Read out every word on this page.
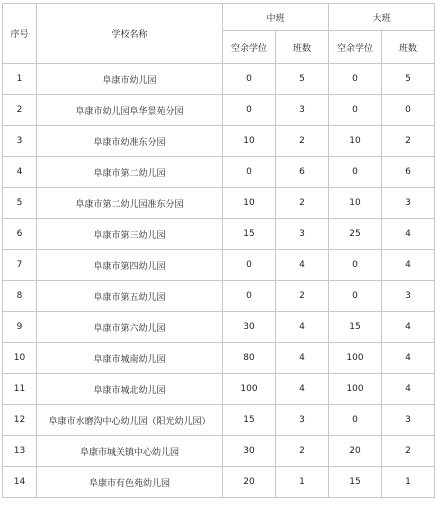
序号	学校名称	中班		大班	
		空余学位	班数	空余学位	班数
1	阜康市幼儿园	0	5	0	5
2	阜康市幼儿园阜华景苑分园	0	3	0	0
3	阜康市幼准东分园	10	2	10	2
4	阜康市第二幼儿园	0	6	0	6
5	阜康市第二幼儿园准东分园	10	2	10	3
6	阜康市第三幼儿园	15	3	25	4
7	阜康市第四幼儿园	0	4	0	4
8	阜康市第五幼儿园	0	2	0	3
9	阜康市第六幼儿园	30	4	15	4
10	阜康市城南幼儿园	80	4	100	4
11	阜康市城北幼儿园	100	4	100	4
12	阜康市水磨沟中心幼儿园（阳光幼儿园）	15	3	0	3
13	阜康市城关镇中心幼儿园	30	2	20	2
14	阜康市有色苑幼儿园	20	1	15	1
